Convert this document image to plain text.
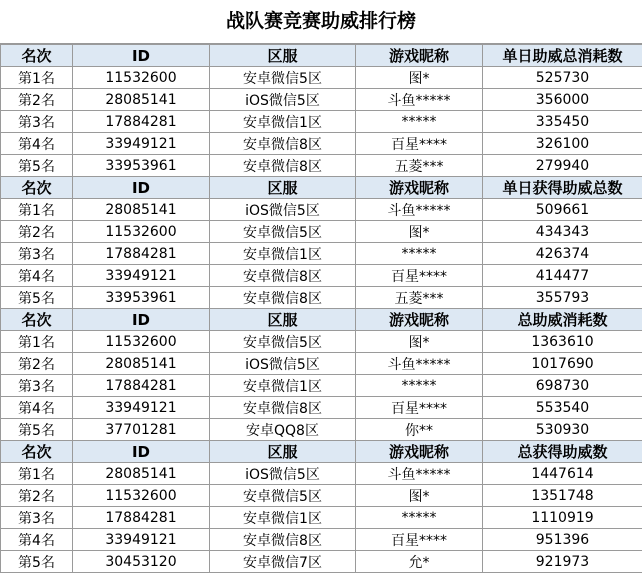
战队赛竞赛助威排行榜
名次	ID	区服	游戏昵称	单日助威总消耗数
第1名	11532600	安卓微信5区	图*	525730
第2名	28085141	iOS微信5区	斗鱼*****	356000
第3名	17884281	安卓微信1区	*****	335450
第4名	33949121	安卓微信8区	百星****	326100
第5名	33953961	安卓微信8区	五菱***	279940
名次	ID	区服	游戏昵称	单日获得助威总数
第1名	28085141	iOS微信5区	斗鱼*****	509661
第2名	11532600	安卓微信5区	图*	434343
第3名	17884281	安卓微信1区	*****	426374
第4名	33949121	安卓微信8区	百星****	414477
第5名	33953961	安卓微信8区	五菱***	355793
名次	ID	区服	游戏昵称	总助威消耗数
第1名	11532600	安卓微信5区	图*	1363610
第2名	28085141	iOS微信5区	斗鱼*****	1017690
第3名	17884281	安卓微信1区	*****	698730
第4名	33949121	安卓微信8区	百星****	553540
第5名	37701281	安卓QQ8区	你**	530930
名次	ID	区服	游戏昵称	总获得助威数
第1名	28085141	iOS微信5区	斗鱼*****	1447614
第2名	11532600	安卓微信5区	图*	1351748
第3名	17884281	安卓微信1区	*****	1110919
第4名	33949121	安卓微信8区	百星****	951396
第5名	30453120	安卓微信7区	允*	921973
